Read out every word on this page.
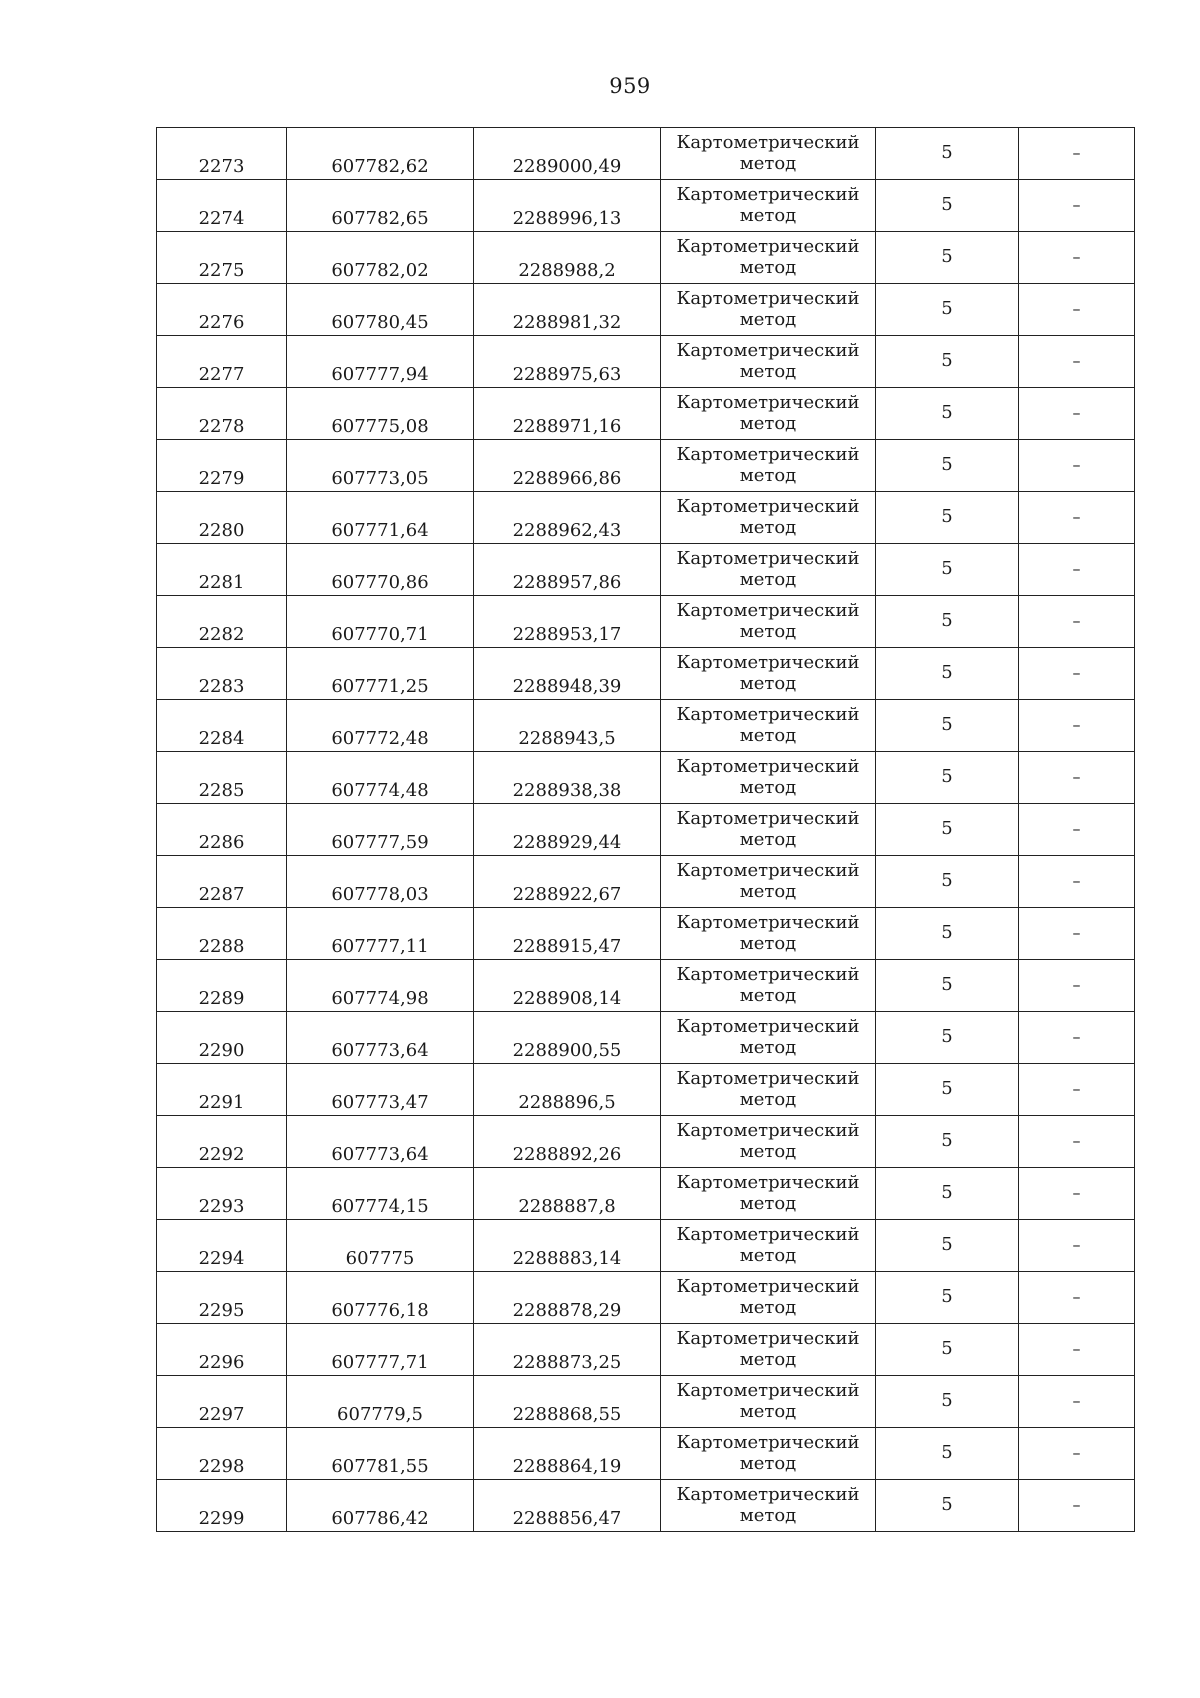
959
2273	607782,62	2289000,49	Картометрический
метод	5	–
2274	607782,65	2288996,13	Картометрический
метод	5	–
2275	607782,02	2288988,2	Картометрический
метод	5	–
2276	607780,45	2288981,32	Картометрический
метод	5	–
2277	607777,94	2288975,63	Картометрический
метод	5	–
2278	607775,08	2288971,16	Картометрический
метод	5	–
2279	607773,05	2288966,86	Картометрический
метод	5	–
2280	607771,64	2288962,43	Картометрический
метод	5	–
2281	607770,86	2288957,86	Картометрический
метод	5	–
2282	607770,71	2288953,17	Картометрический
метод	5	–
2283	607771,25	2288948,39	Картометрический
метод	5	–
2284	607772,48	2288943,5	Картометрический
метод	5	–
2285	607774,48	2288938,38	Картометрический
метод	5	–
2286	607777,59	2288929,44	Картометрический
метод	5	–
2287	607778,03	2288922,67	Картометрический
метод	5	–
2288	607777,11	2288915,47	Картометрический
метод	5	–
2289	607774,98	2288908,14	Картометрический
метод	5	–
2290	607773,64	2288900,55	Картометрический
метод	5	–
2291	607773,47	2288896,5	Картометрический
метод	5	–
2292	607773,64	2288892,26	Картометрический
метод	5	–
2293	607774,15	2288887,8	Картометрический
метод	5	–
2294	607775	2288883,14	Картометрический
метод	5	–
2295	607776,18	2288878,29	Картометрический
метод	5	–
2296	607777,71	2288873,25	Картометрический
метод	5	–
2297	607779,5	2288868,55	Картометрический
метод	5	–
2298	607781,55	2288864,19	Картометрический
метод	5	–
2299	607786,42	2288856,47	Картометрический
метод	5	–
